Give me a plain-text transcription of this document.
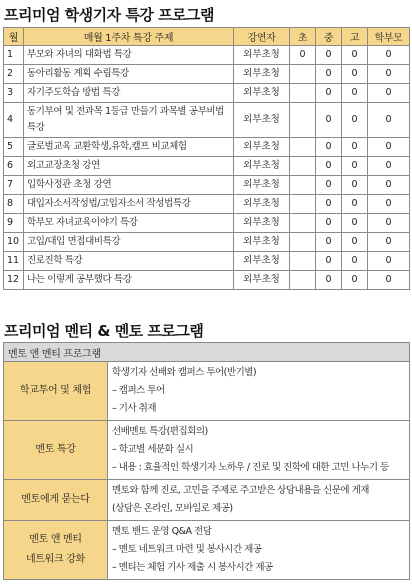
프리미엄 학생기자 특강 프로그램
월	매월 1주차 특강 주제	강연자	초	중	고	학부모
1	부모와 자녀의 대화법 특강	외부초청	0	0	0	0
2	동아리활동 계획 수립특강	외부초청		0	0	0
3	자기주도학습 방법 특강	외부초청		0	0	0
4	동기부여 및 전과목 1등급 만들기 과목별 공부비법특강	외부초청		0	0	0
5	글로벌교육 교환학생,유학,캠프 비교체험	외부초청		0	0	0
6	외고교장초청 강연	외부초청		0	0	0
7	입학사정관 초청 강연	외부초청		0	0	0
8	대입자소서작성법/고입자소서 작성법특강	외부초청		0	0	0
9	학부모 자녀교육이야기 특강	외부초청		0	0	0
10	고입/대입 면접대비특강	외부초청		0	0	0
11	진로진학 특강	외부초청		0	0	0
12	나는 이렇게 공부했다 특강	외부초청		0	0	0
프리미엄 멘티 & 멘토 프로그램
멘토 앤 멘티 프로그램	

학교투어 및 체험	학생기자 선배와 캠퍼스 투어(반기별)
– 캠퍼스 투어
– 기사 취재

멘토 특강	선배멘토 특강(편집회의)
– 학교별 세분화 실시
– 내용 : 효율적인 학생기자 노하우 / 진로 및 진학에 대한 고민 나누기 등

멘토에게 묻는다	멘토와 함께 진로, 고민을 주제로 주고받은 상담내용을 신문에 게재
(상담은 온라인, 모바일로 제공)

멘토 앤 멘티
네트워크 강화	멘토 밴드 운영 Q&A 전담
– 멘토 네트워크 마련 및 봉사시간 제공
– 멘티는 체험 기사 제출 시 봉사시간 제공
